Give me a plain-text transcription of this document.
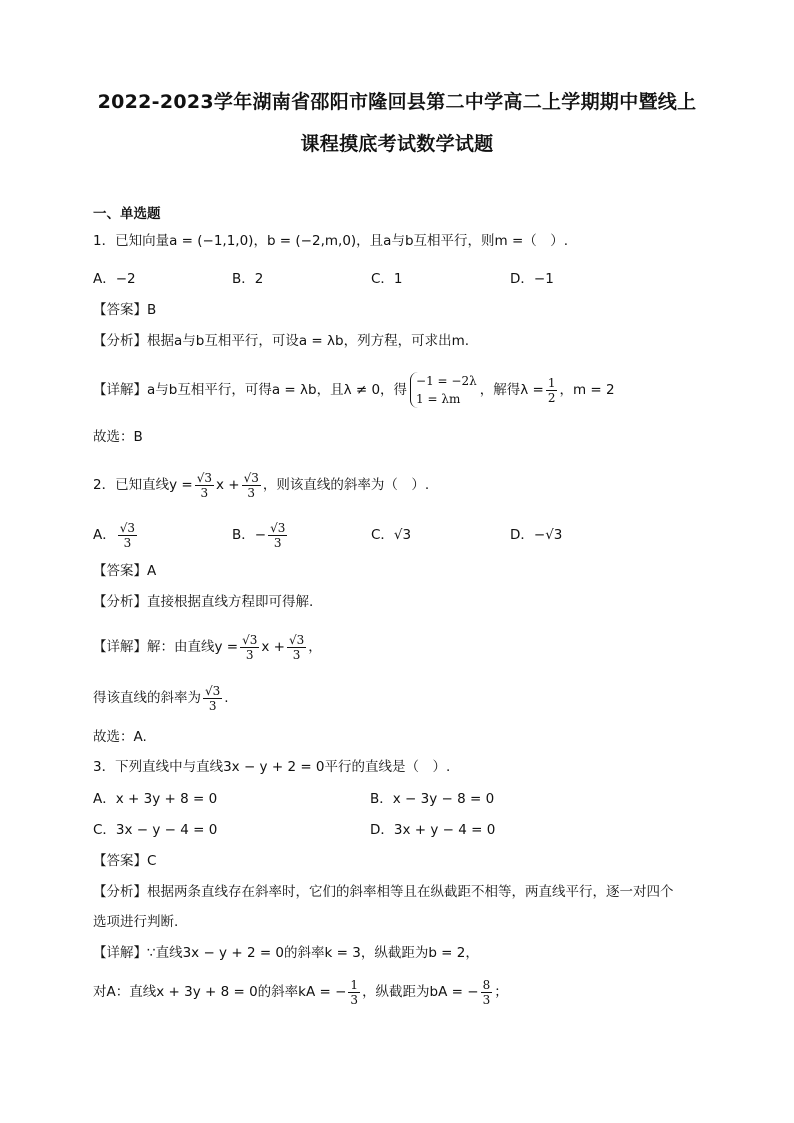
2022-2023学年湖南省邵阳市隆回县第二中学高二上学期期中暨线上
课程摸底考试数学试题
一、单选题
1．已知向量a = (−1,1,0)，b = (−2,m,0)，且a与b互相平行，则m =（　）.
A．−2	B．2	C．1	D．−1
【答案】B
【分析】根据a与b互相平行，可设a = λb，列方程，可求出m.
【详解】a与b互相平行，可得a = λb，且λ ≠ 0，得
−1 = −2λ
1 = λm
，解得$\lambda = \frac{1}{2}$ ，m = 2
故选：B
2．已知直线$y = \frac{√3}{3}$ $x + \frac{√3}{3}$ ，则该直线的斜率为（　）.
A． $\frac{√3}{3}$	B．− $\frac{√3}{3}$	C．√3	D．−√3
【答案】A
【分析】直接根据直线方程即可得解.
【详解】解：由直线$y = \frac{√3}{3}$ $x + \frac{√3}{3}$ ，
得该直线的斜率为 $\frac{√3}{3}$ .
故选：A.
3．下列直线中与直线3x − y + 2 = 0平行的直线是（　）.
A．x + 3y + 8 = 0	B．x − 3y − 8 = 0
C．3x − y − 4 = 0	D．3x + y − 4 = 0
【答案】C
【分析】根据两条直线存在斜率时，它们的斜率相等且在纵截距不相等，两直线平行，逐一对四个
选项进行判断.
【详解】∵直线3x − y + 2 = 0的斜率k = 3，纵截距为b = 2，
对A：直线x + 3y + 8 = 0的斜率kA = − $\frac{1}{3}$ ，纵截距为bA = − $\frac{8}{3}$ ；
